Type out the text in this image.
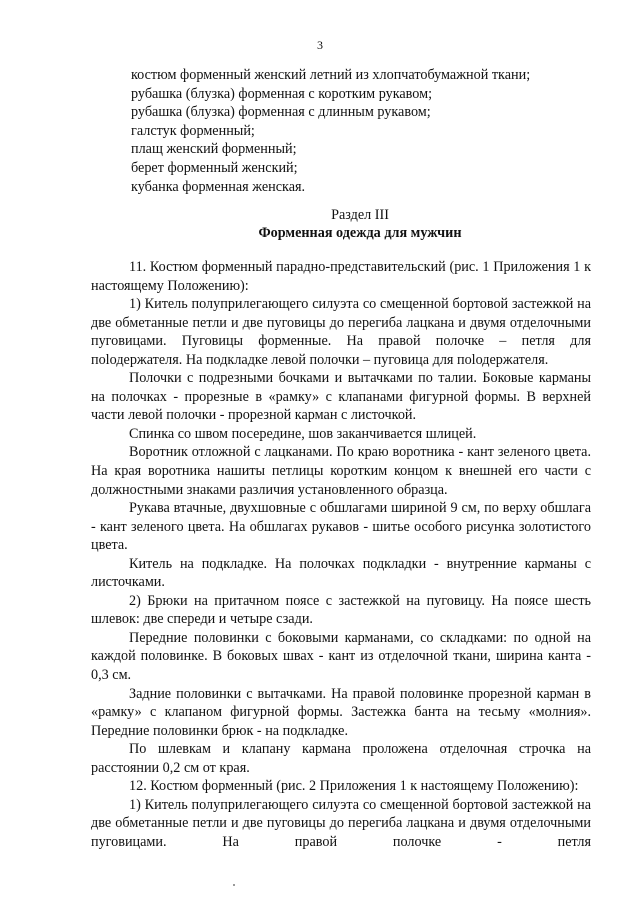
3
костюм форменный женский летний из хлопчатобумажной ткани;
рубашка (блузка) форменная с коротким рукавом;
рубашка (блузка) форменная с длинным рукавом;
галстук форменный;
плащ женский форменный;
берет форменный женский;
кубанка форменная женская.
Раздел III
Форменная одежда для мужчин

11. Костюм форменный парадно-представительский (рис. 1 Приложения 1 к настоящему Положению):

1) Китель полуприлегающего силуэта со смещенной бортовой застежкой на две обметанные петли и две пуговицы до перегиба лацкана и двумя отделочными пуговицами. Пуговицы форменные. На правой полочке – петля для пolодержателя. На подкладке левой полочки – пуговица для пolодержателя.

Полочки с подрезными бочками и вытачками по талии. Боковые карманы на полочках - прорезные в «рамку» с клапанами фигурной формы. В верхней части левой полочки - прорезной карман с листочкой.

Спинка со швом посередине, шов заканчивается шлицей.

Воротник отложной с лацканами. По краю воротника - кант зеленого цвета. На края воротника нашиты петлицы коротким концом к внешней его части с должностными знаками различия установленного образца.

Рукава втачные, двухшовные с обшлагами шириной 9 см, по верху обшлага - кант зеленого цвета. На обшлагах рукавов - шитье особого рисунка золотистого цвета.

Китель на подкладке. На полочках подкладки - внутренние карманы с листочками.

2) Брюки на притачном поясе с застежкой на пуговицу. На поясе шесть шлевок: две спереди и четыре сзади.

Передние половинки с боковыми карманами, со складками: по одной на каждой половинке. В боковых швах - кант из отделочной ткани, ширина канта - 0,3 см.

Задние половинки с вытачками. На правой половинке прорезной карман в «рамку» с клапаном фигурной формы. Застежка банта на тесьму «молния». Передние половинки брюк - на подкладке.

По шлевкам и клапану кармана проложена отделочная строчка на расстоянии 0,2 см от края.

12. Костюм форменный (рис. 2 Приложения 1 к настоящему Положению):

1) Китель полуприлегающего силуэта со смещенной бортовой застежкой на две обметанные петли и две пуговицы до перегиба лацкана и двумя отделочными пуговицами. На правой полочке - петля
